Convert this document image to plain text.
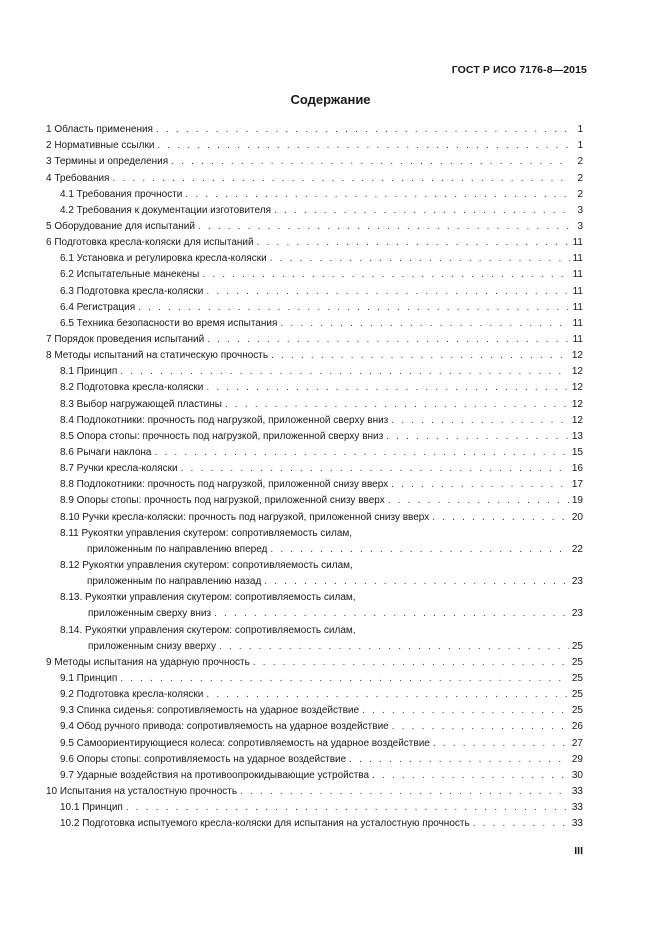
ГОСТ Р ИСО 7176-8—2015
Содержание
1 Область применения . . .	1
2 Нормативные ссылки . . .	1
3 Термины и определения . . .	2
4 Требования . . .	2
4.1 Требования прочности . . .	2
4.2 Требования к документации изготовителя . . .	3
5 Оборудование для испытаний . . .	3
6 Подготовка кресла-коляски для испытаний . . .	11
6.1 Установка и регулировка кресла-коляски . . .	11
6.2 Испытательные манекены . . .	11
6.3 Подготовка кресла-коляски . . .	11
6.4 Регистрация . . .	11
6.5 Техника безопасности во время испытания . . .	11
7 Порядок проведения испытаний . . .	11
8 Методы испытаний на статическую прочность . . .	12
8.1 Принцип . . .	12
8.2 Подготовка кресла-коляски . . .	12
8.3 Выбор нагружающей пластины . . .	12
8.4 Подлокотники: прочность под нагрузкой, приложенной сверху вниз . . .	12
8.5 Опора стопы: прочность под нагрузкой, приложенной сверху вниз . . .	13
8.6 Рычаги наклона . . .	15
8.7 Ручки кресла-коляски . . .	16
8.8 Подлокотники: прочность под нагрузкой, приложенной снизу вверх . . .	17
8.9 Опоры стопы: прочность под нагрузкой, приложенной снизу вверх . . .	19
8.10 Ручки кресла-коляски: прочность под нагрузкой, приложенной снизу вверх . . .	20
8.11 Рукоятки управления скутером: сопротивляемость силам,
приложенным по направлению вперед . . .	22
8.12 Рукоятки управления скутером: сопротивляемость силам,
приложенным по направлению назад . . .	23
8.13. Рукоятки управления скутером: сопротивляемость силам,
приложенным сверху вниз . . .	23
8.14. Рукоятки управления скутером: сопротивляемость силам,
приложенным снизу вверху . . .	25
9 Методы испытания на ударную прочность . . .	25
9.1 Принцип . . .	25
9.2 Подготовка кресла-коляски . . .	25
9.3 Спинка сиденья: сопротивляемость на ударное воздействие . . .	25
9.4 Обод ручного привода: сопротивляемость на ударное воздействие . . .	26
9.5 Самоориентирующиеся колеса: сопротивляемость на ударное воздействие . . .	27
9.6 Опоры стопы: сопротивляемость на ударное воздействие . . .	29
9.7 Ударные воздействия на противоопрокидывающие устройства . . .	30
10 Испытания на усталостную прочность . . .	33
10.1 Принцип . . .	33
10.2 Подготовка испытуемого кресла-коляски для испытания на усталостную прочность . . .	33
III
